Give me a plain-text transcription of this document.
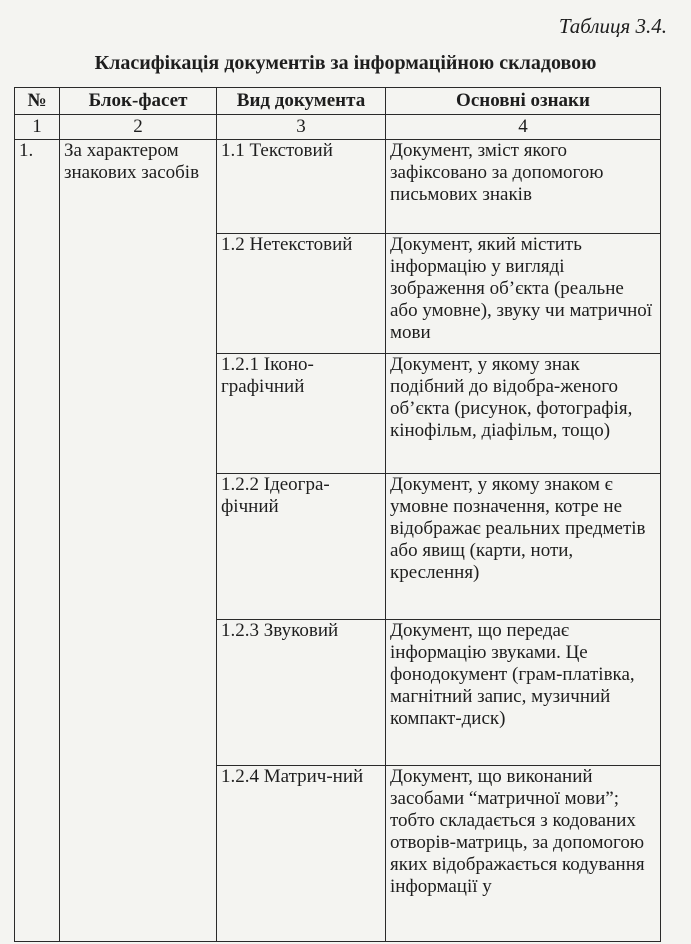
Таблиця 3.4.
Класифікація документів за інформаційною складовою
№	Блок-фасет	Вид документа	Основні ознаки
1	2	3	4
1.	За характером знакових засобів	1.1 Текстовий	Документ, зміст якого зафіксовано за допомогою письмових знаків
		1.2 Нетекстовий	Документ, який містить інформацію у вигляді зображення об’єкта (реальне або умовне), звуку чи матричної мови
		1.2.1 Іконо-графічний	Документ, у якому знак подібний до відобра-женого об’єкта (рисунок, фотографія, кінофільм, діафільм, тощо)
		1.2.2 Ідеогра-фічний	Документ, у якому знаком є умовне позначення, котре не відображає реальних предметів або явищ (карти, ноти, креслення)
		1.2.3 Звуковий	Документ, що передає інформацію звуками. Це фонодокумент (грам-платівка, магнітний запис, музичний компакт-диск)
		1.2.4 Матрич-ний	Документ, що виконаний засобами “матричної мови”; тобто складається з кодованих отворів-матриць, за допомогою яких відображається кодування інформації у
